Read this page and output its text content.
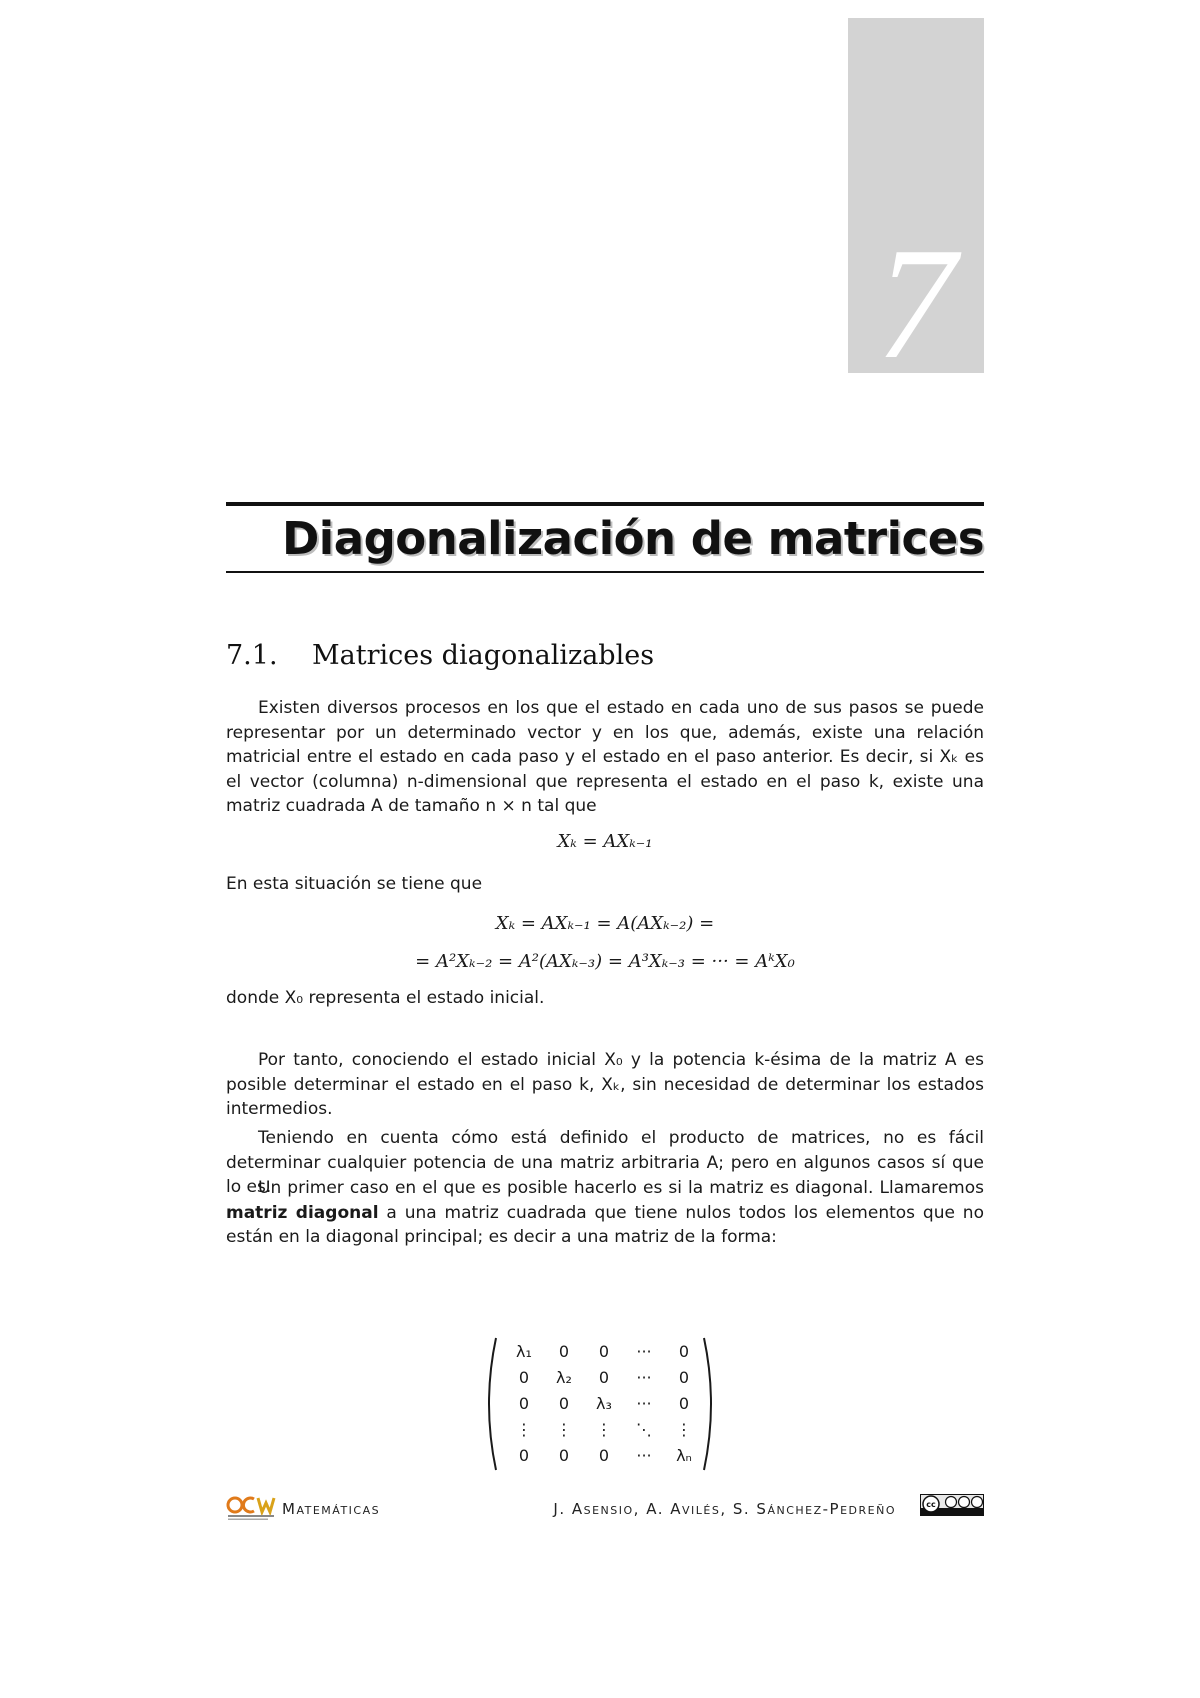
7
Diagonalización de matrices
7.1. Matrices diagonalizables

Existen diversos procesos en los que el estado en cada uno de sus pasos se puede representar por un determinado vector y en los que, además, existe una relación matricial entre el estado en cada paso y el estado en el paso anterior. Es decir, si Xₖ es el vector (columna) n-dimensional que representa el estado en el paso k, existe una matriz cuadrada A de tamaño n × n tal que

Xₖ = AXₖ₋₁

En esta situación se tiene que

Xₖ = AXₖ₋₁ = A(AXₖ₋₂) =
= A²Xₖ₋₂ = A²(AXₖ₋₃) = A³Xₖ₋₃ = ··· = AᵏX₀

donde X₀ representa el estado inicial.

Por tanto, conociendo el estado inicial X₀ y la potencia k-ésima de la matriz A es posible determinar el estado en el paso k, Xₖ, sin necesidad de determinar los estados intermedios.

Teniendo en cuenta cómo está definido el producto de matrices, no es fácil determinar cualquier potencia de una matriz arbitraria A; pero en algunos casos sí que lo es.

Un primer caso en el que es posible hacerlo es si la matriz es diagonal. Llamaremos matriz diagonal a una matriz cuadrada que tiene nulos todos los elementos que no están en la diagonal principal; es decir a una matriz de la forma:

λ₁	0	0	···	0
0	λ₂	0	···	0
0	0	λ₃	···	0
⋮	⋮	⋮	⋱	⋮
0	0	0	···	λₙ
Matemáticas	J. Asensio, A. Avilés, S. Sánchez-Pedreño	cc
